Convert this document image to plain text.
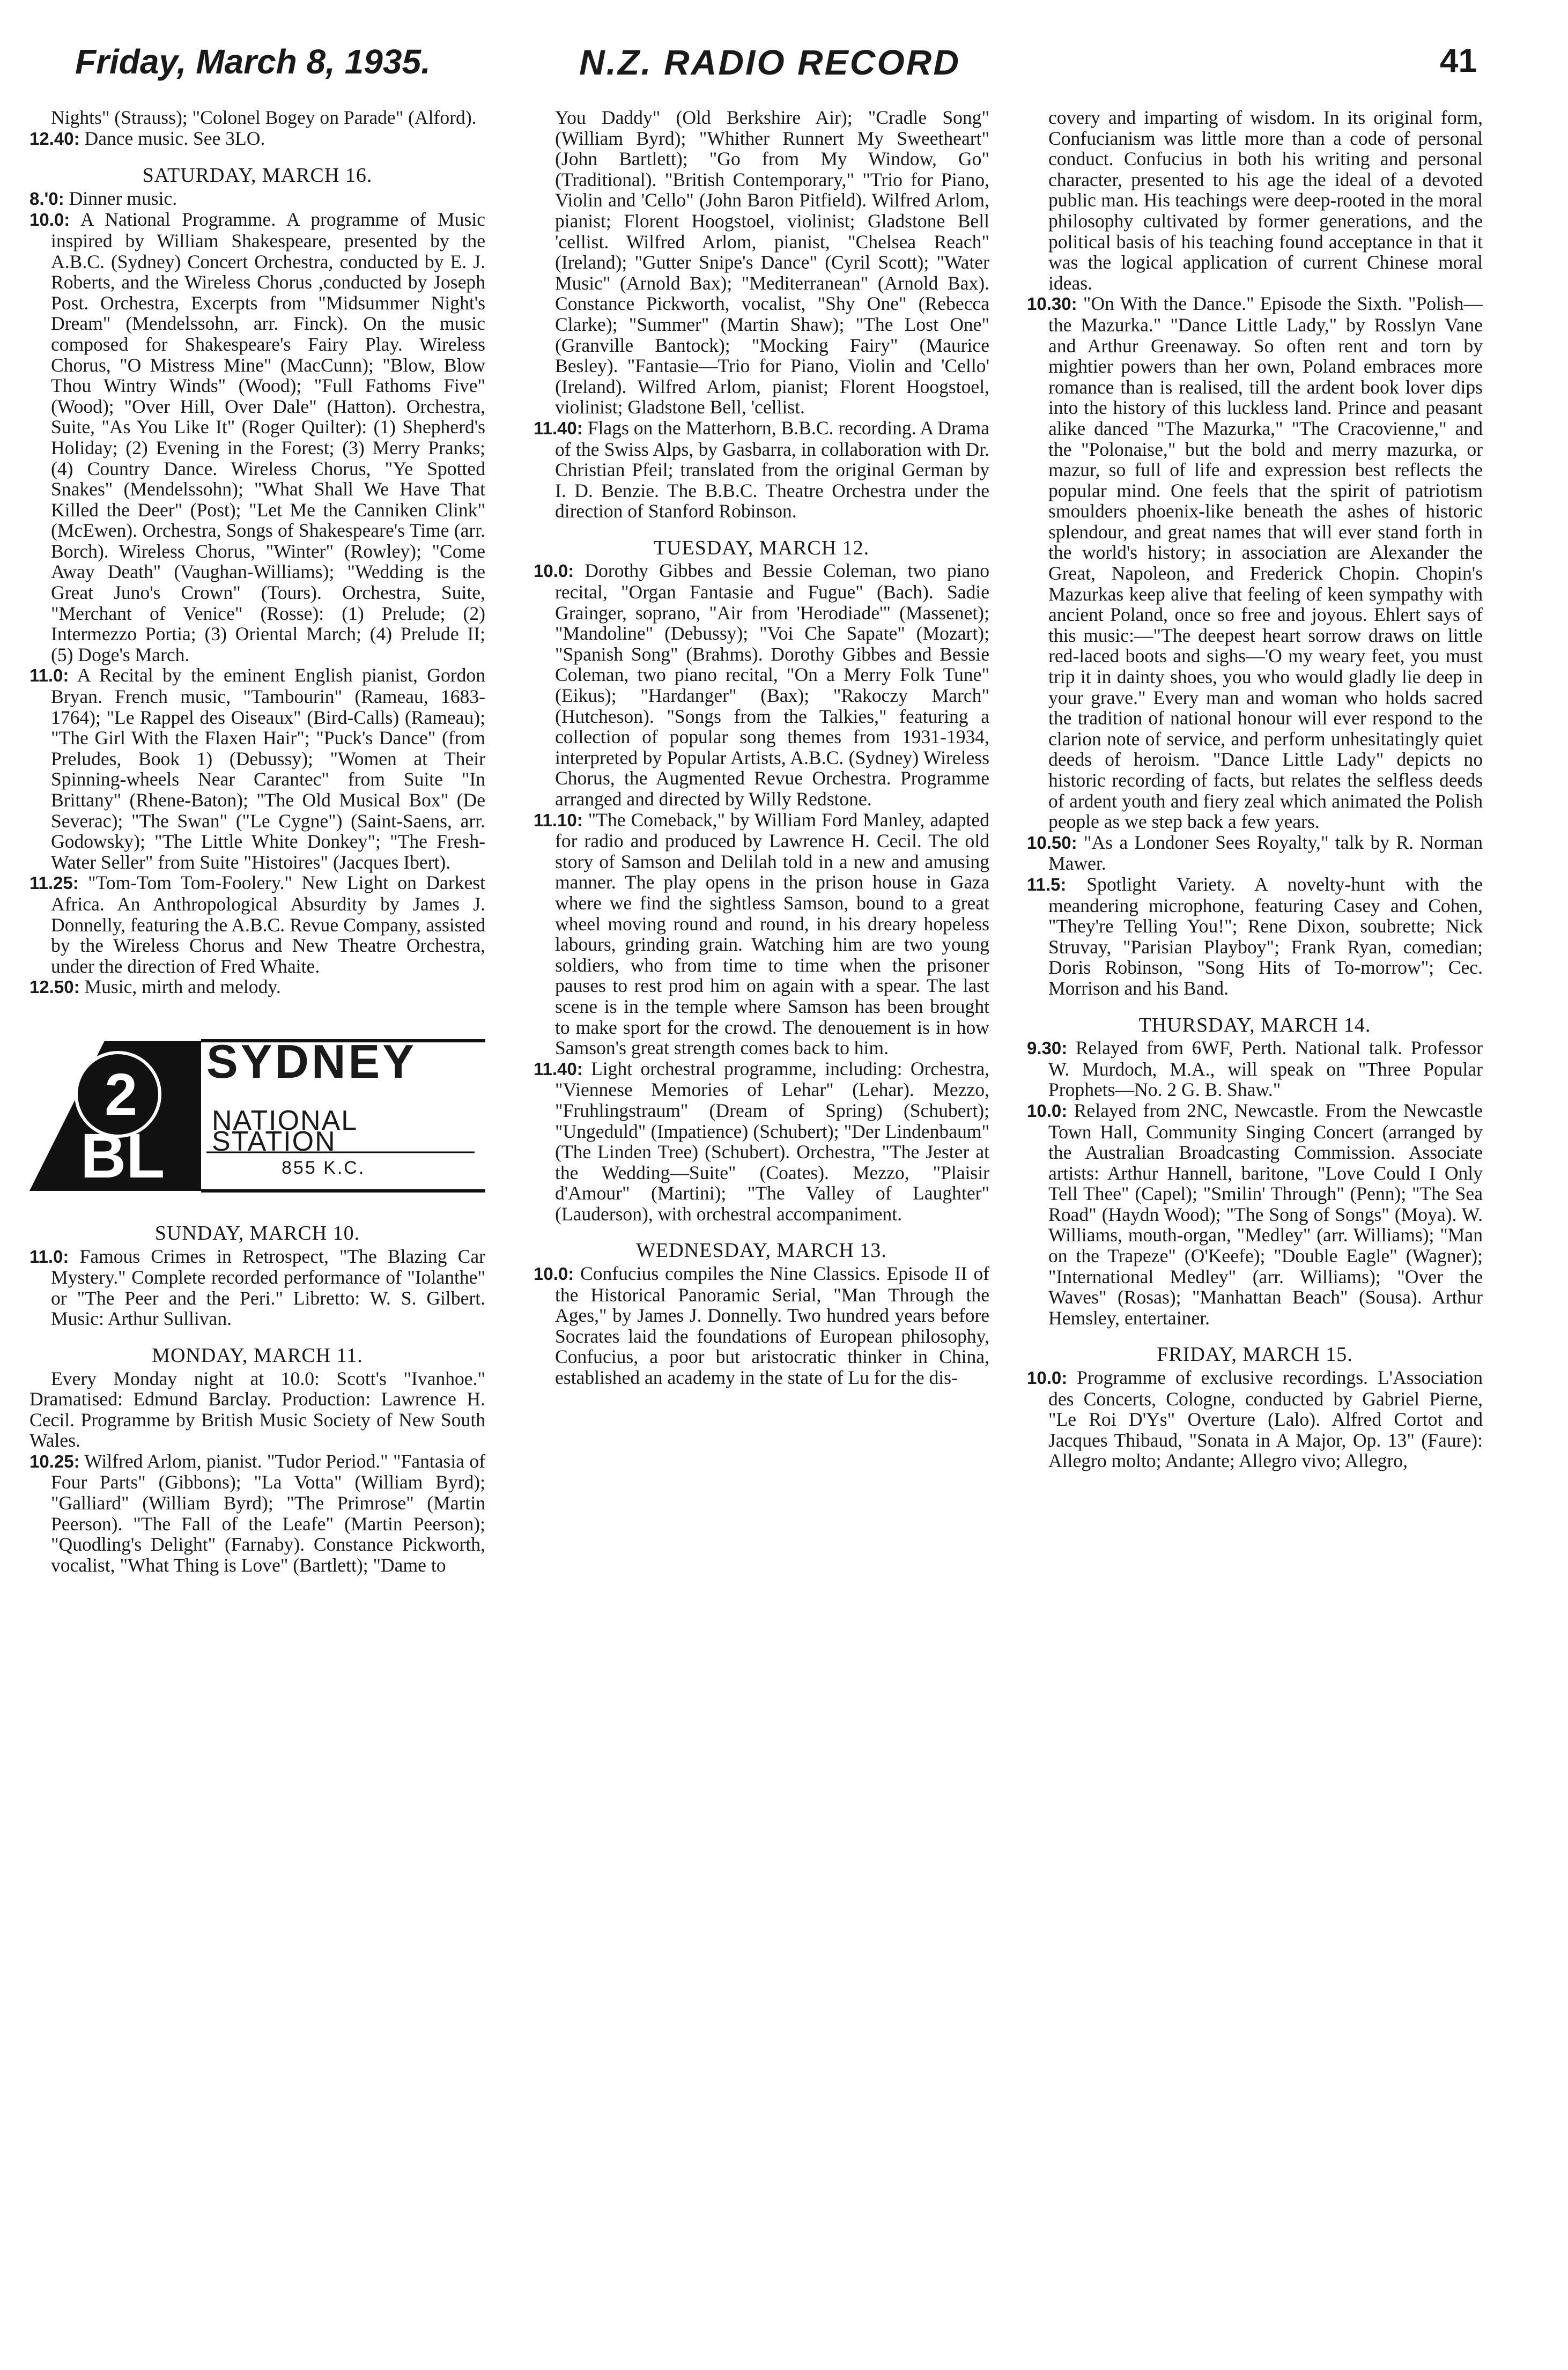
Friday, March 8, 1935.	N.Z. RADIO RECORD	41

Nights" (Strauss); "Colonel Bogey on Parade" (Alford).

12.40: Dance music. See 3LO.

SATURDAY, MARCH 16.

8.'0: Dinner music.

10.0: A National Programme. A programme of Music inspired by William Shakespeare, presented by the A.B.C. (Sydney) Concert Orchestra, conducted by E. J. Roberts, and the Wireless Chorus ,conducted by Joseph Post. Orchestra, Excerpts from "Midsummer Night's Dream" (Mendelssohn, arr. Finck). On the music composed for Shakespeare's Fairy Play. Wireless Chorus, "O Mistress Mine" (MacCunn); "Blow, Blow Thou Wintry Winds" (Wood); "Full Fathoms Five" (Wood); "Over Hill, Over Dale" (Hatton). Orchestra, Suite, "As You Like It" (Roger Quilter): (1) Shepherd's Holiday; (2) Evening in the Forest; (3) Merry Pranks; (4) Country Dance. Wireless Chorus, "Ye Spotted Snakes" (Mendelssohn); "What Shall We Have That Killed the Deer" (Post); "Let Me the Canniken Clink" (McEwen). Orchestra, Songs of Shakespeare's Time (arr. Borch). Wireless Chorus, "Winter" (Rowley); "Come Away Death" (Vaughan-Williams); "Wedding is the Great Juno's Crown" (Tours). Orchestra, Suite, "Merchant of Venice" (Rosse): (1) Prelude; (2) Intermezzo Portia; (3) Oriental March; (4) Prelude II; (5) Doge's March.

11.0: A Recital by the eminent English pianist, Gordon Bryan. French music, "Tambourin" (Rameau, 1683-1764); "Le Rappel des Oiseaux" (Bird-Calls) (Rameau); "The Girl With the Flaxen Hair"; "Puck's Dance" (from Preludes, Book 1) (Debussy); "Women at Their Spinning-wheels Near Carantec" from Suite "In Brittany" (Rhene-Baton); "The Old Musical Box" (De Severac); "The Swan" ("Le Cygne") (Saint-Saens, arr. Godowsky); "The Little White Donkey"; "The Fresh-Water Seller" from Suite "Histoires" (Jacques Ibert).

11.25: "Tom-Tom Tom-Foolery." New Light on Darkest Africa. An Anthropological Absurdity by James J. Donnelly, featuring the A.B.C. Revue Company, assisted by the Wireless Chorus and New Theatre Orchestra, under the direction of Fred Whaite.

12.50: Music, mirth and melody.

2
BL
SYDNEY
NATIONAL STATION
855 K.C.
SUNDAY, MARCH 10.

11.0: Famous Crimes in Retrospect, "The Blazing Car Mystery." Complete recorded performance of "Iolanthe" or "The Peer and the Peri." Libretto: W. S. Gilbert. Music: Arthur Sullivan.

MONDAY, MARCH 11.

Every Monday night at 10.0: Scott's "Ivanhoe." Dramatised: Edmund Barclay. Production: Lawrence H. Cecil. Programme by British Music Society of New South Wales.

10.25: Wilfred Arlom, pianist. "Tudor Period." "Fantasia of Four Parts" (Gibbons); "La Votta" (William Byrd); "Galliard" (William Byrd); "The Primrose" (Martin Peerson). "The Fall of the Leafe" (Martin Peerson); "Quodling's Delight" (Farnaby). Constance Pickworth, vocalist, "What Thing is Love" (Bartlett); "Dame to

You Daddy" (Old Berkshire Air); "Cradle Song" (William Byrd); "Whither Runnert My Sweetheart" (John Bartlett); "Go from My Window, Go" (Traditional). "British Contemporary," "Trio for Piano, Violin and 'Cello" (John Baron Pitfield). Wilfred Arlom, pianist; Florent Hoogstoel, violinist; Gladstone Bell 'cellist. Wilfred Arlom, pianist, "Chelsea Reach" (Ireland); "Gutter Snipe's Dance" (Cyril Scott); "Water Music" (Arnold Bax); "Mediterranean" (Arnold Bax). Constance Pickworth, vocalist, "Shy One" (Rebecca Clarke); "Summer" (Martin Shaw); "The Lost One" (Granville Bantock); "Mocking Fairy" (Maurice Besley). "Fantasie—Trio for Piano, Violin and 'Cello' (Ireland). Wilfred Arlom, pianist; Florent Hoogstoel, violinist; Gladstone Bell, 'cellist.

11.40: Flags on the Matterhorn, B.B.C. recording. A Drama of the Swiss Alps, by Gasbarra, in collaboration with Dr. Christian Pfeil; translated from the original German by I. D. Benzie. The B.B.C. Theatre Orchestra under the direction of Stanford Robinson.

TUESDAY, MARCH 12.

10.0: Dorothy Gibbes and Bessie Coleman, two piano recital, "Organ Fantasie and Fugue" (Bach). Sadie Grainger, soprano, "Air from 'Herodiade'" (Massenet); "Mandoline" (Debussy); "Voi Che Sapate" (Mozart); "Spanish Song" (Brahms). Dorothy Gibbes and Bessie Coleman, two piano recital, "On a Merry Folk Tune" (Eikus); "Hardanger" (Bax); "Rakoczy March" (Hutcheson). "Songs from the Talkies," featuring a collection of popular song themes from 1931-1934, interpreted by Popular Artists, A.B.C. (Sydney) Wireless Chorus, the Augmented Revue Orchestra. Programme arranged and directed by Willy Redstone.

11.10: "The Comeback," by William Ford Manley, adapted for radio and produced by Lawrence H. Cecil. The old story of Samson and Delilah told in a new and amusing manner. The play opens in the prison house in Gaza where we find the sightless Samson, bound to a great wheel moving round and round, in his dreary hopeless labours, grinding grain. Watching him are two young soldiers, who from time to time when the prisoner pauses to rest prod him on again with a spear. The last scene is in the temple where Samson has been brought to make sport for the crowd. The denouement is in how Samson's great strength comes back to him.

11.40: Light orchestral programme, including: Orchestra, "Viennese Memories of Lehar" (Lehar). Mezzo, "Fruhlingstraum" (Dream of Spring) (Schubert); "Ungeduld" (Impatience) (Schubert); "Der Lindenbaum" (The Linden Tree) (Schubert). Orchestra, "The Jester at the Wedding—Suite" (Coates). Mezzo, "Plaisir d'Amour" (Martini); "The Valley of Laughter" (Lauderson), with orchestral accompaniment.

WEDNESDAY, MARCH 13.

10.0: Confucius compiles the Nine Classics. Episode II of the Historical Panoramic Serial, "Man Through the Ages," by James J. Donnelly. Two hundred years before Socrates laid the foundations of European philosophy, Confucius, a poor but aristocratic thinker in China, established an academy in the state of Lu for the dis-

covery and imparting of wisdom. In its original form, Confucianism was little more than a code of personal conduct. Confucius in both his writing and personal character, presented to his age the ideal of a devoted public man. His teachings were deep-rooted in the moral philosophy cultivated by former generations, and the political basis of his teaching found acceptance in that it was the logical application of current Chinese moral ideas.

10.30: "On With the Dance." Episode the Sixth. "Polish—the Mazurka." "Dance Little Lady," by Rosslyn Vane and Arthur Greenaway. So often rent and torn by mightier powers than her own, Poland embraces more romance than is realised, till the ardent book lover dips into the history of this luckless land. Prince and peasant alike danced "The Mazurka," "The Cracovienne," and the "Polonaise," but the bold and merry mazurka, or mazur, so full of life and expression best reflects the popular mind. One feels that the spirit of patriotism smoulders phoenix-like beneath the ashes of historic splendour, and great names that will ever stand forth in the world's history; in association are Alexander the Great, Napoleon, and Frederick Chopin. Chopin's Mazurkas keep alive that feeling of keen sympathy with ancient Poland, once so free and joyous. Ehlert says of this music:—"The deepest heart sorrow draws on little red-laced boots and sighs—'O my weary feet, you must trip it in dainty shoes, you who would gladly lie deep in your grave." Every man and woman who holds sacred the tradition of national honour will ever respond to the clarion note of service, and perform unhesitatingly quiet deeds of heroism. "Dance Little Lady" depicts no historic recording of facts, but relates the selfless deeds of ardent youth and fiery zeal which animated the Polish people as we step back a few years.

10.50: "As a Londoner Sees Royalty," talk by R. Norman Mawer.

11.5: Spotlight Variety. A novelty-hunt with the meandering microphone, featuring Casey and Cohen, "They're Telling You!"; Rene Dixon, soubrette; Nick Struvay, "Parisian Playboy"; Frank Ryan, comedian; Doris Robinson, "Song Hits of To-morrow"; Cec. Morrison and his Band.

THURSDAY, MARCH 14.

9.30: Relayed from 6WF, Perth. National talk. Professor W. Murdoch, M.A., will speak on "Three Popular Prophets—No. 2 G. B. Shaw."

10.0: Relayed from 2NC, Newcastle. From the Newcastle Town Hall, Community Singing Concert (arranged by the Australian Broadcasting Commission. Associate artists: Arthur Hannell, baritone, "Love Could I Only Tell Thee" (Capel); "Smilin' Through" (Penn); "The Sea Road" (Haydn Wood); "The Song of Songs" (Moya). W. Williams, mouth-organ, "Medley" (arr. Williams); "Man on the Trapeze" (O'Keefe); "Double Eagle" (Wagner); "International Medley" (arr. Williams); "Over the Waves" (Rosas); "Manhattan Beach" (Sousa). Arthur Hemsley, entertainer.

FRIDAY, MARCH 15.

10.0: Programme of exclusive recordings. L'Association des Concerts, Cologne, conducted by Gabriel Pierne, "Le Roi D'Ys" Overture (Lalo). Alfred Cortot and Jacques Thibaud, "Sonata in A Major, Op. 13" (Faure): Allegro molto; Andante; Allegro vivo; Allegro,
